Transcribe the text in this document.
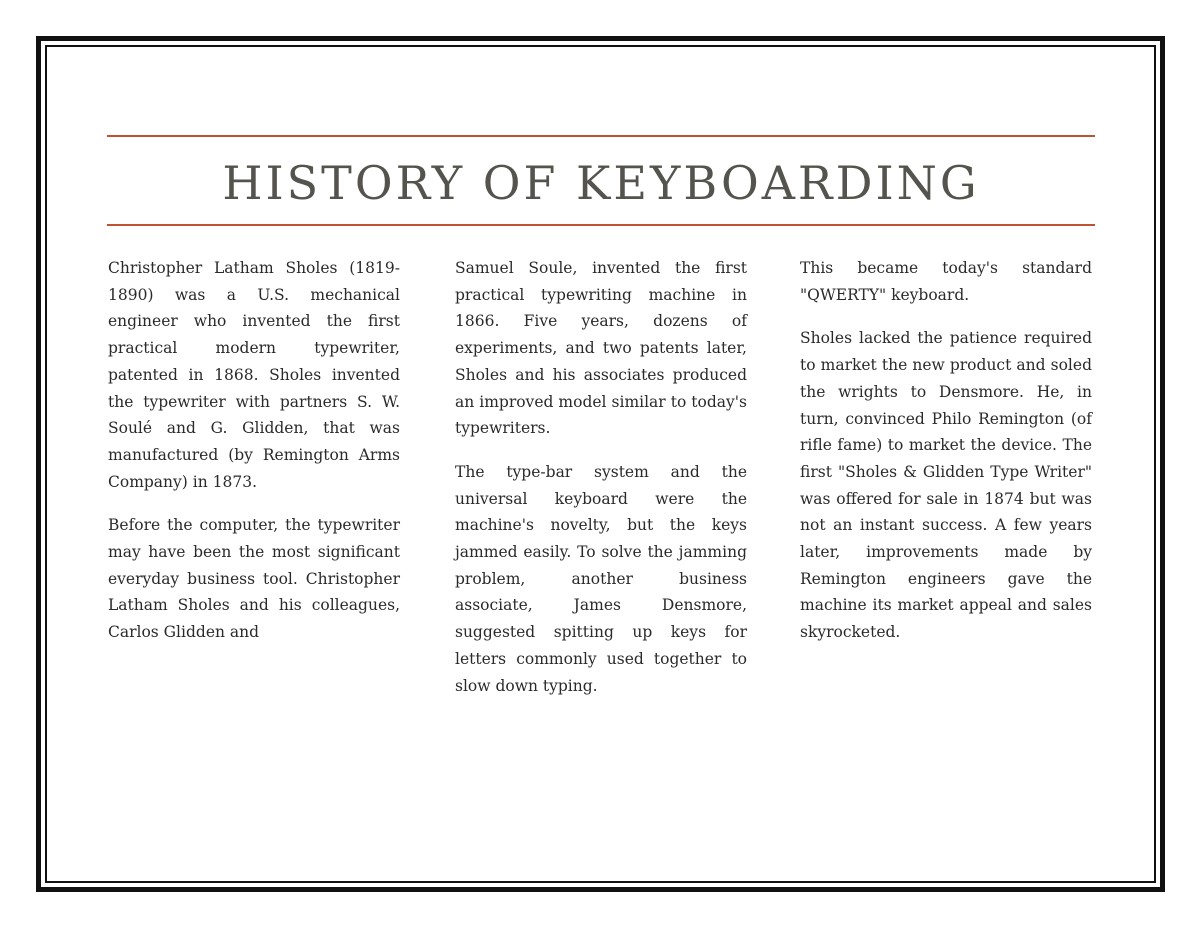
HISTORY OF KEYBOARDING

Christopher Latham Sholes (1819-1890) was a U.S. mechanical engineer who invented the first practical modern typewriter, patented in 1868. Sholes invented the typewriter with partners S. W. Soulé and G. Glidden, that was manufactured (by Remington Arms Company) in 1873.

Before the computer, the typewriter may have been the most significant everyday business tool. Christopher Latham Sholes and his colleagues, Carlos Glidden and

Samuel Soule, invented the first practical typewriting machine in 1866. Five years, dozens of experiments, and two patents later, Sholes and his associates produced an improved model similar to today's typewriters.

The type-bar system and the universal keyboard were the machine's novelty, but the keys jammed easily. To solve the jamming problem, another business associate, James Densmore, suggested spitting up keys for letters commonly used together to slow down typing.

This became today's standard "QWERTY" keyboard.

Sholes lacked the patience required to market the new product and soled the wrights to Densmore. He, in turn, convinced Philo Remington (of rifle fame) to market the device. The first "Sholes & Glidden Type Writer" was offered for sale in 1874 but was not an instant success. A few years later, improvements made by Remington engineers gave the machine its market appeal and sales skyrocketed.
